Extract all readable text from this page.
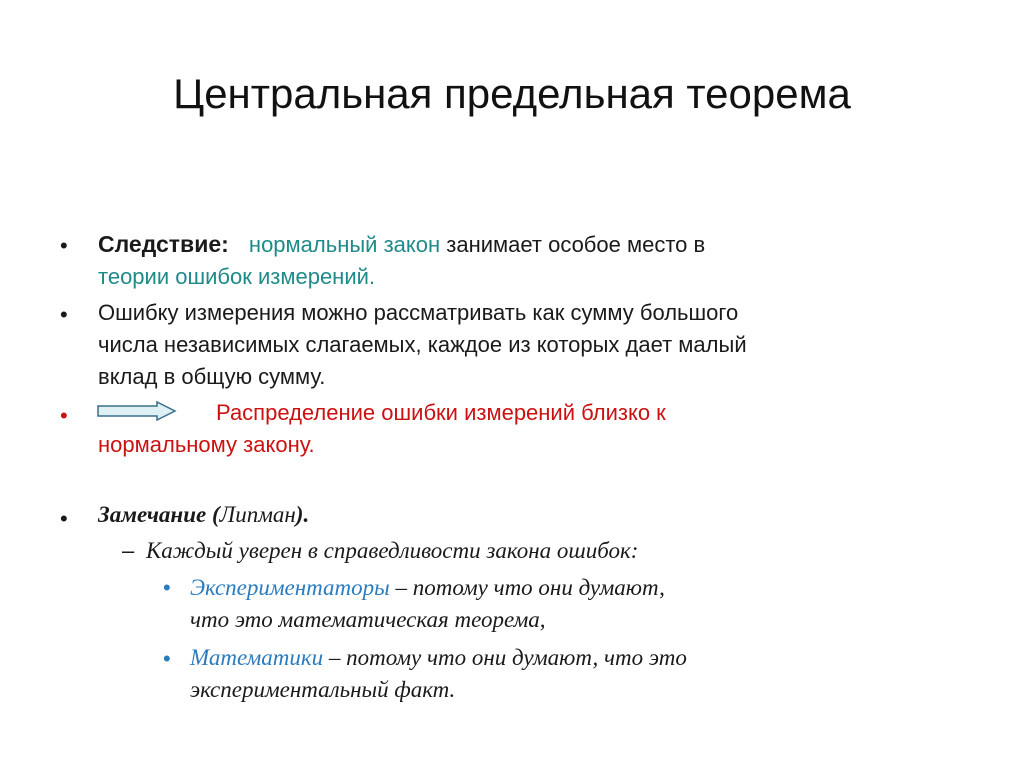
Центральная предельная теорема
• Следствие: нормальный закон занимает особое место в
теории ошибок измерений.
• Ошибку измерения можно рассматривать как сумму большого
числа независимых слагаемых, каждое из которых дает малый
вклад в общую сумму.
•	Распределение ошибки измерений близко к
нормальному закону.
• Замечание (Липман).
– Каждый уверен в справедливости закона ошибок:
• Экспериментаторы – потому что они думают,
что это математическая теорема,
• Математики – потому что они думают, что это
экспериментальный факт.
